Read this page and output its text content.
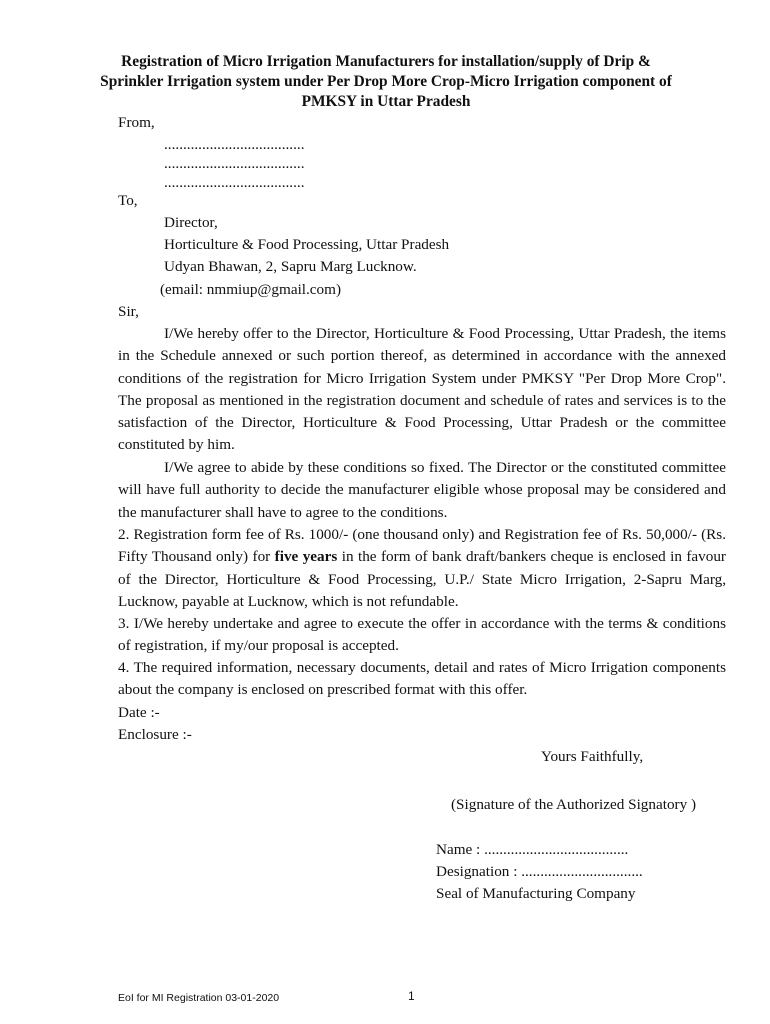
Registration of Micro Irrigation Manufacturers for installation/supply of Drip & Sprinkler Irrigation system under Per Drop More Crop-Micro Irrigation component of PMKSY in Uttar Pradesh
From,
.....................................
.....................................
.....................................
To,
Director,
Horticulture & Food Processing, Uttar Pradesh
Udyan Bhawan, 2, Sapru Marg Lucknow.
(email: nmmiup@gmail.com)
Sir,

I/We hereby offer to the Director, Horticulture & Food Processing, Uttar Pradesh, the items in the Schedule annexed or such portion thereof, as determined in accordance with the annexed conditions of the registration for Micro Irrigation System under PMKSY "Per Drop More Crop". The proposal as mentioned in the registration document and schedule of rates and services is to the satisfaction of the Director, Horticulture & Food Processing, Uttar Pradesh or the committee constituted by him.

I/We agree to abide by these conditions so fixed. The Director or the constituted committee will have full authority to decide the manufacturer eligible whose proposal may be considered and the manufacturer shall have to agree to the conditions.

2. Registration form fee of Rs. 1000/- (one thousand only) and Registration fee of Rs. 50,000/- (Rs. Fifty Thousand only) for five years in the form of bank draft/bankers cheque is enclosed in favour of the Director, Horticulture & Food Processing, U.P./ State Micro Irrigation, 2-Sapru Marg, Lucknow, payable at Lucknow, which is not refundable.

3. I/We hereby undertake and agree to execute the offer in accordance with the terms & conditions of registration, if my/our proposal is accepted.

4. The required information, necessary documents, detail and rates of Micro Irrigation components about the company is enclosed on prescribed format with this offer.

Date :-
Enclosure :-
Yours Faithfully,
(Signature of the Authorized Signatory )
Name : ......................................
Designation : ................................
Seal of Manufacturing Company
EoI for MI Registration 03-01-2020	1
